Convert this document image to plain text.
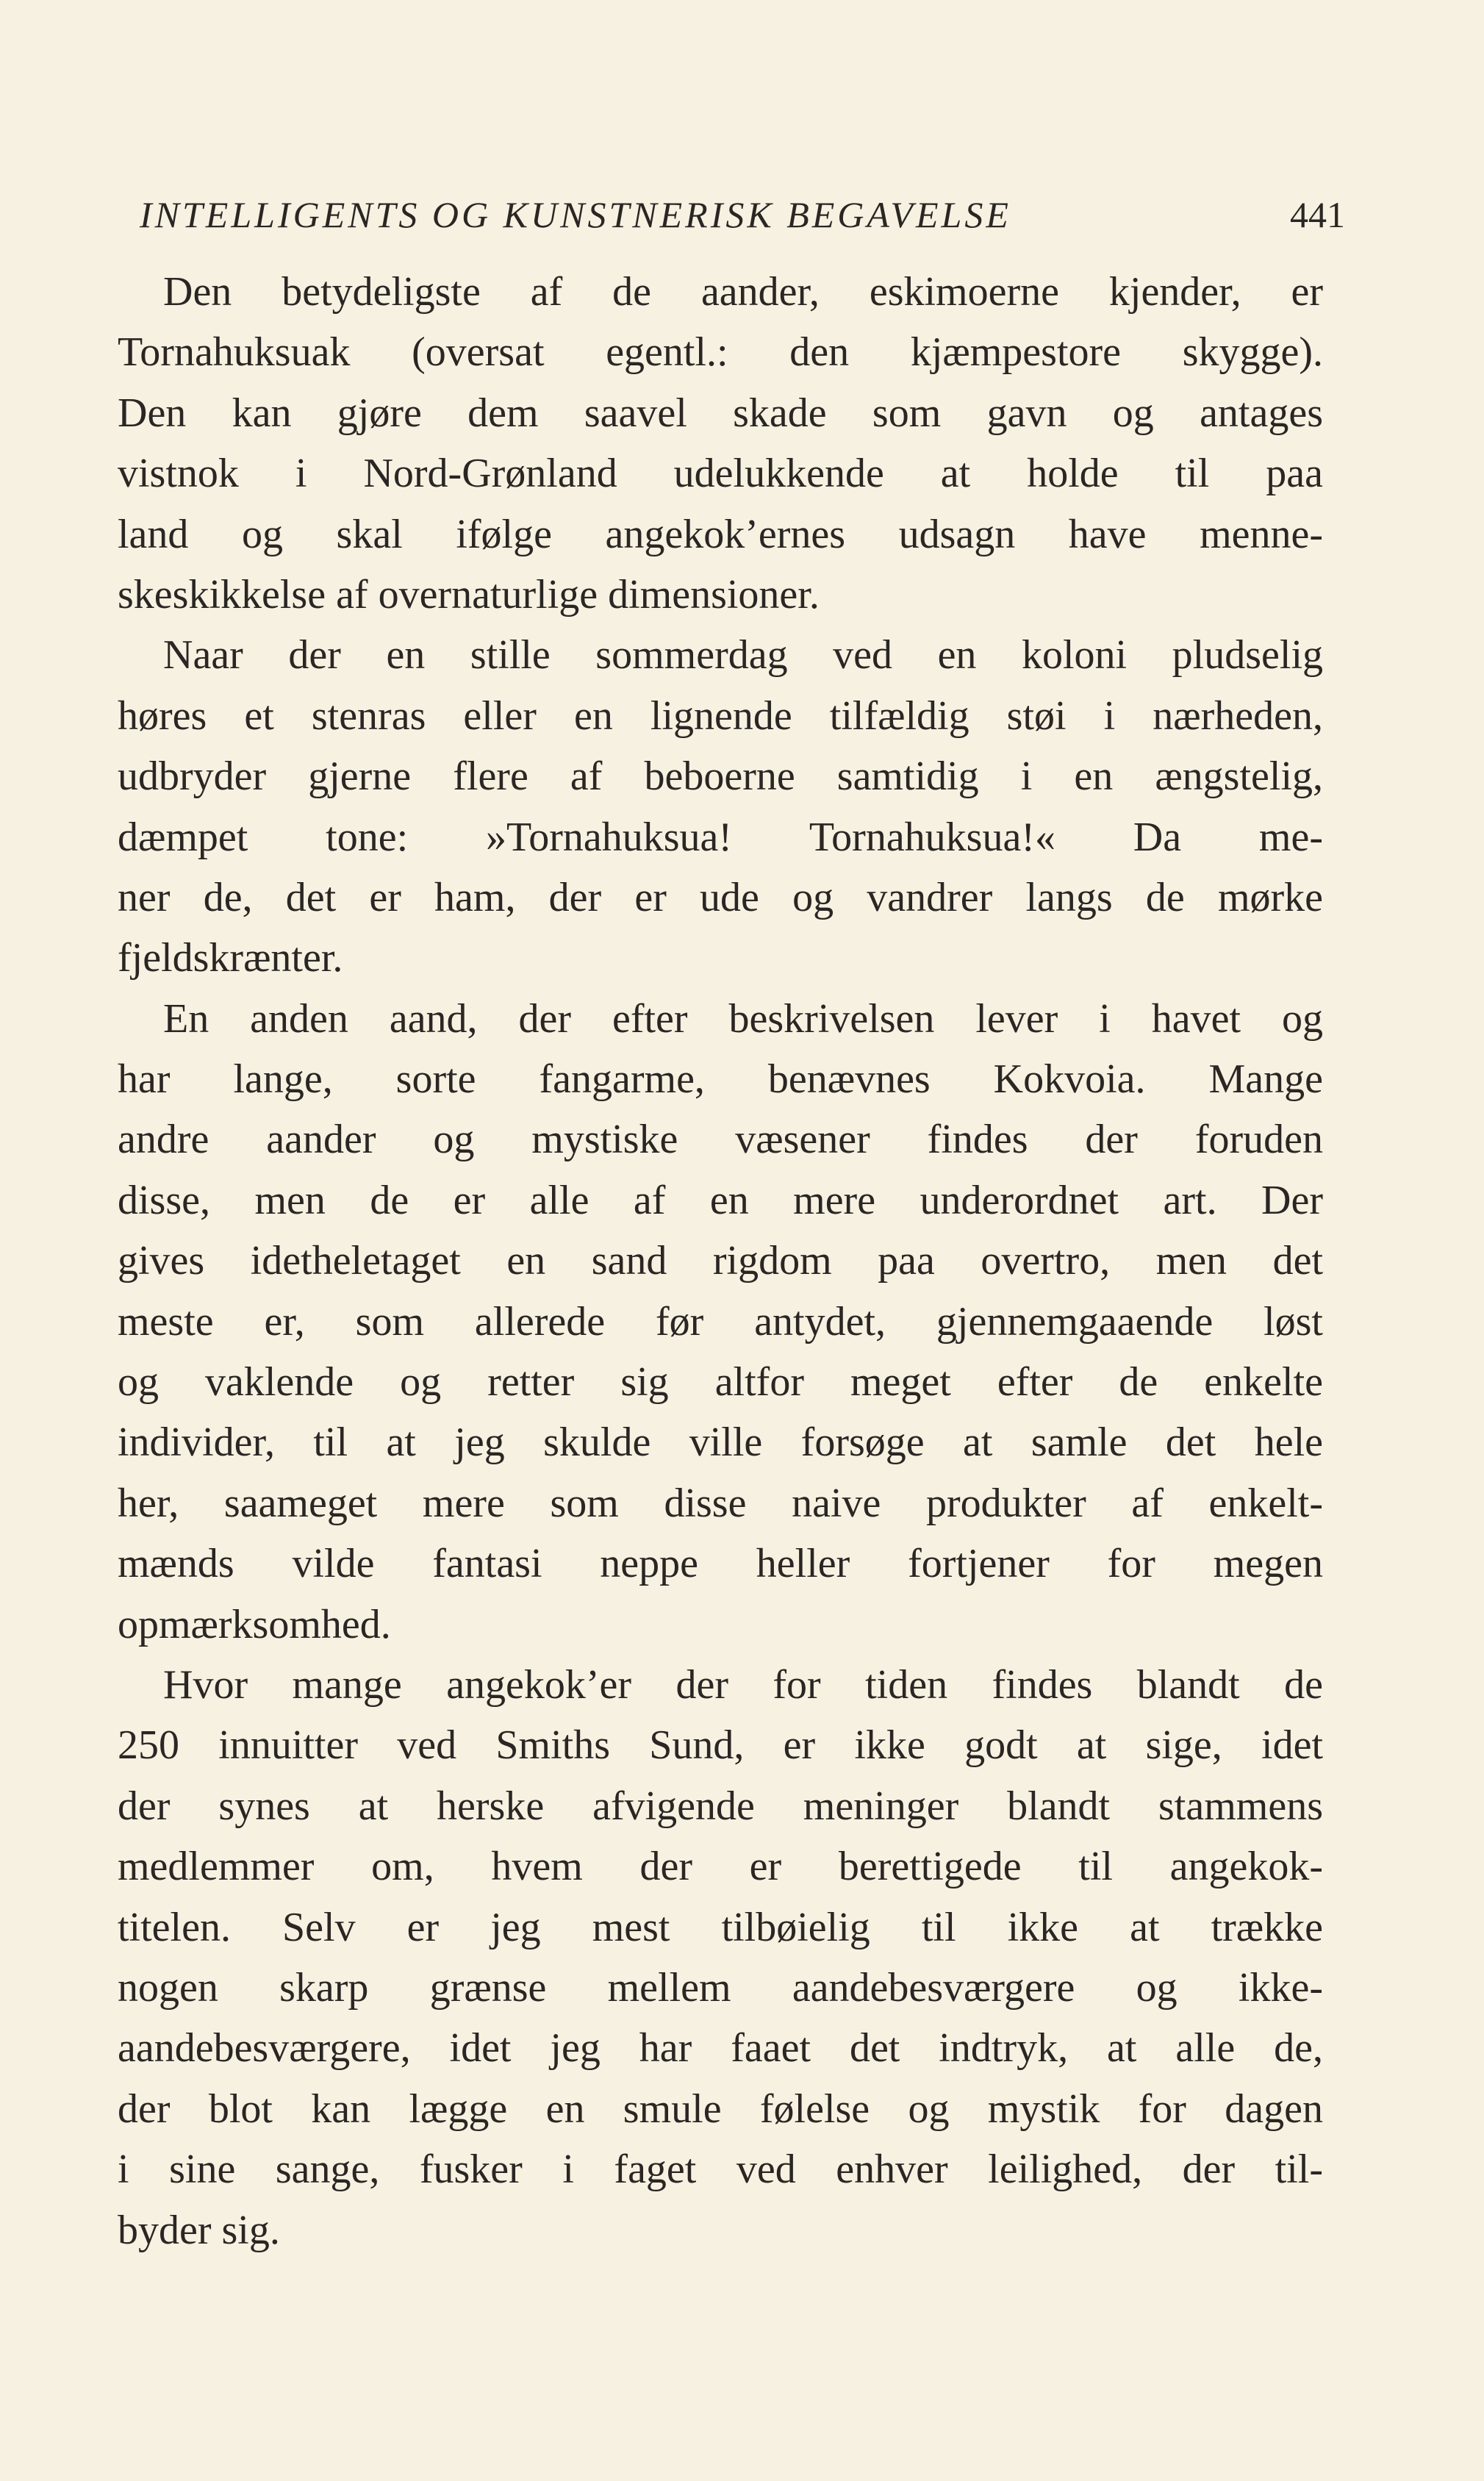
INTELLIGENTS OG KUNSTNERISK BEGAVELSE	441
Den betydeligste af de aander, eskimoerne kjender, er
Tornahuksuak (oversat egentl.: den kjæmpestore skygge).
Den kan gjøre dem saavel skade som gavn og antages
vistnok i Nord-Grønland udelukkende at holde til paa
land og skal ifølge angekok’ernes udsagn have menne-
skeskikkelse af overnaturlige dimensioner.
Naar der en stille sommerdag ved en koloni pludselig
høres et stenras eller en lignende tilfældig støi i nærheden,
udbryder gjerne flere af beboerne samtidig i en ængstelig,
dæmpet tone: »Tornahuksua! Tornahuksua!« Da me-
ner de, det er ham, der er ude og vandrer langs de mørke
fjeldskrænter.
En anden aand, der efter beskrivelsen lever i havet og
har lange, sorte fangarme, benævnes Kokvoia. Mange
andre aander og mystiske væsener findes der foruden
disse, men de er alle af en mere underordnet art. Der
gives idetheletaget en sand rigdom paa overtro, men det
meste er, som allerede før antydet, gjennemgaaende løst
og vaklende og retter sig altfor meget efter de enkelte
individer, til at jeg skulde ville forsøge at samle det hele
her, saameget mere som disse naive produkter af enkelt-
mænds vilde fantasi neppe heller fortjener for megen
opmærksomhed.
Hvor mange angekok’er der for tiden findes blandt de
250 innuitter ved Smiths Sund, er ikke godt at sige, idet
der synes at herske afvigende meninger blandt stammens
medlemmer om, hvem der er berettigede til angekok-
titelen. Selv er jeg mest tilbøielig til ikke at trække
nogen skarp grænse mellem aandebesværgere og ikke-
aandebesværgere, idet jeg har faaet det indtryk, at alle de,
der blot kan lægge en smule følelse og mystik for dagen
i sine sange, fusker i faget ved enhver leilighed, der til-
byder sig.
